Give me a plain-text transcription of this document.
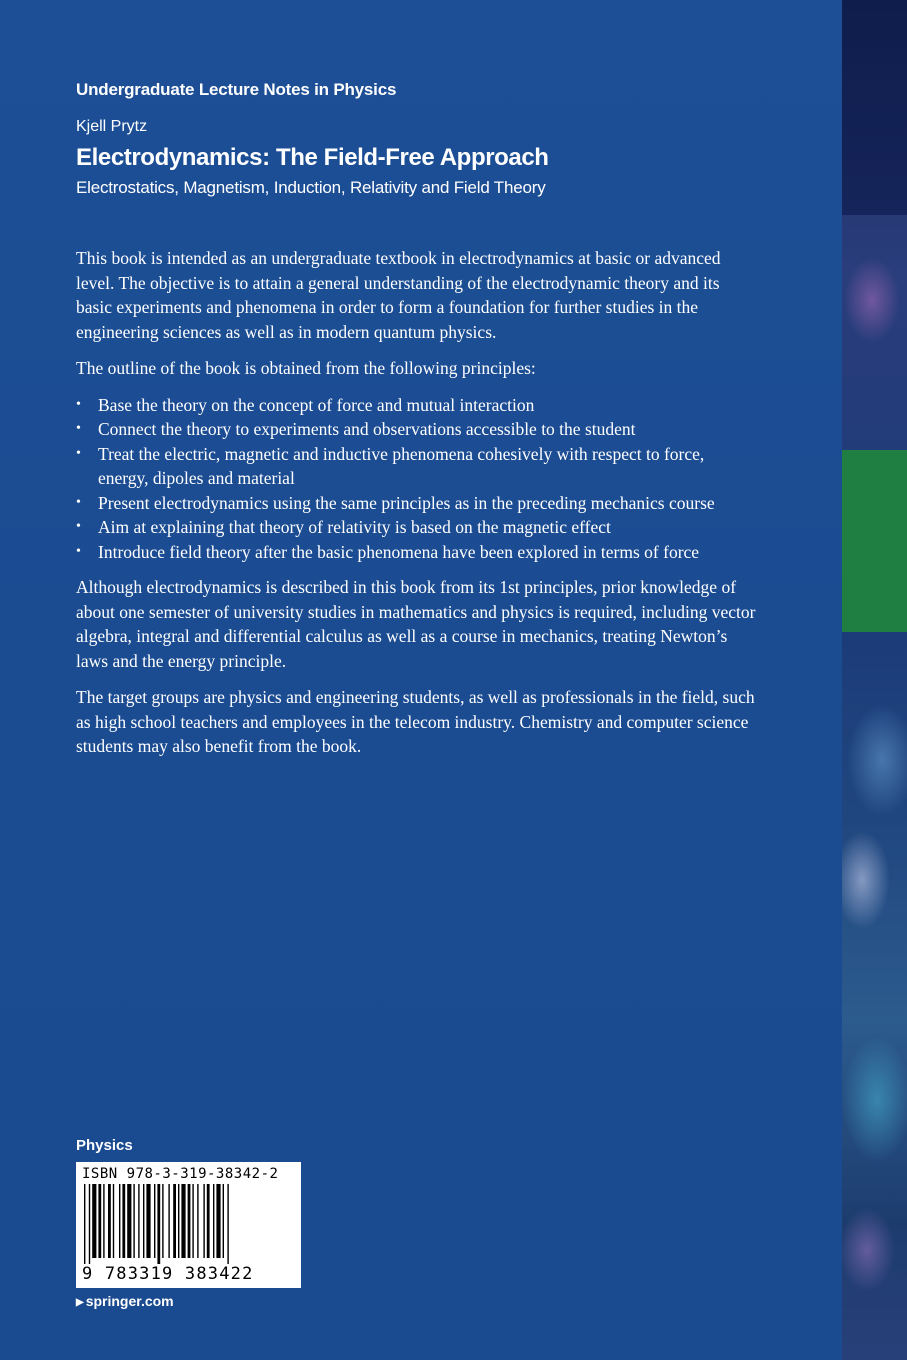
Undergraduate Lecture Notes in Physics
Kjell Prytz
Electrodynamics: The Field-Free Approach
Electrostatics, Magnetism, Induction, Relativity and Field Theory

This book is intended as an undergraduate textbook in electrodynamics at basic or advanced level. The objective is to attain a general understanding of the electrodynamic theory and its basic experiments and phenomena in order to form a foundation for further studies in the engineering sciences as well as in modern quantum physics.

The outline of the book is obtained from the following principles:

• Base the theory on the concept of force and mutual interaction
• Connect the theory to experiments and observations accessible to the student
• Treat the electric, magnetic and inductive phenomena cohesively with respect to force, energy, dipoles and material
• Present electrodynamics using the same principles as in the preceding mechanics course
• Aim at explaining that theory of relativity is based on the magnetic effect
• Introduce field theory after the basic phenomena have been explored in terms of force

Although electrodynamics is described in this book from its 1st principles, prior knowledge of about one semester of university studies in mathematics and physics is required, including vector algebra, integral and differential calculus as well as a course in mechanics, treating Newton’s laws and the energy principle.

The target groups are physics and engineering students, as well as professionals in the field, such as high school teachers and employees in the telecom industry. Chemistry and computer science students may also benefit from the book.

Physics
ISBN 978-3-319-38342-2
9 783319 383422
▶ springer.com
